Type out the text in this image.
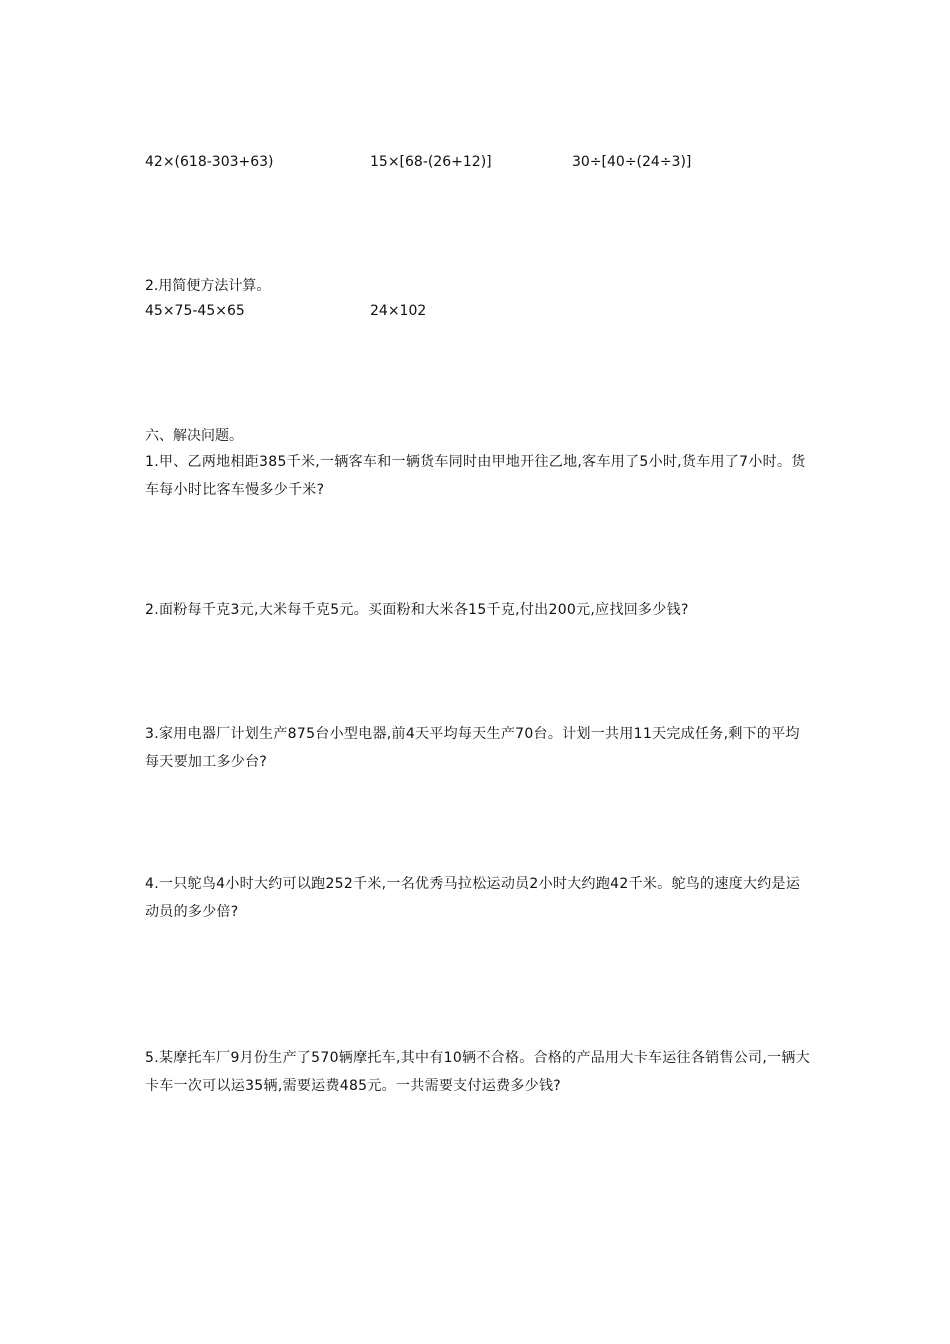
42×(618-303+63)	15×[68-(26+12)]	30÷[40÷(24÷3)]
2.用简便方法计算。
45×75-45×65	24×102
六、解决问题。
1.甲、乙两地相距385千米,一辆客车和一辆货车同时由甲地开往乙地,客车用了5小时,货车用了7小时。货车每小时比客车慢多少千米?
2.面粉每千克3元,大米每千克5元。买面粉和大米各15千克,付出200元,应找回多少钱?
3.家用电器厂计划生产875台小型电器,前4天平均每天生产70台。计划一共用11天完成任务,剩下的平均每天要加工多少台?
4.一只鸵鸟4小时大约可以跑252千米,一名优秀马拉松运动员2小时大约跑42千米。鸵鸟的速度大约是运动员的多少倍?
5.某摩托车厂9月份生产了570辆摩托车,其中有10辆不合格。合格的产品用大卡车运往各销售公司,一辆大卡车一次可以运35辆,需要运费485元。一共需要支付运费多少钱?
